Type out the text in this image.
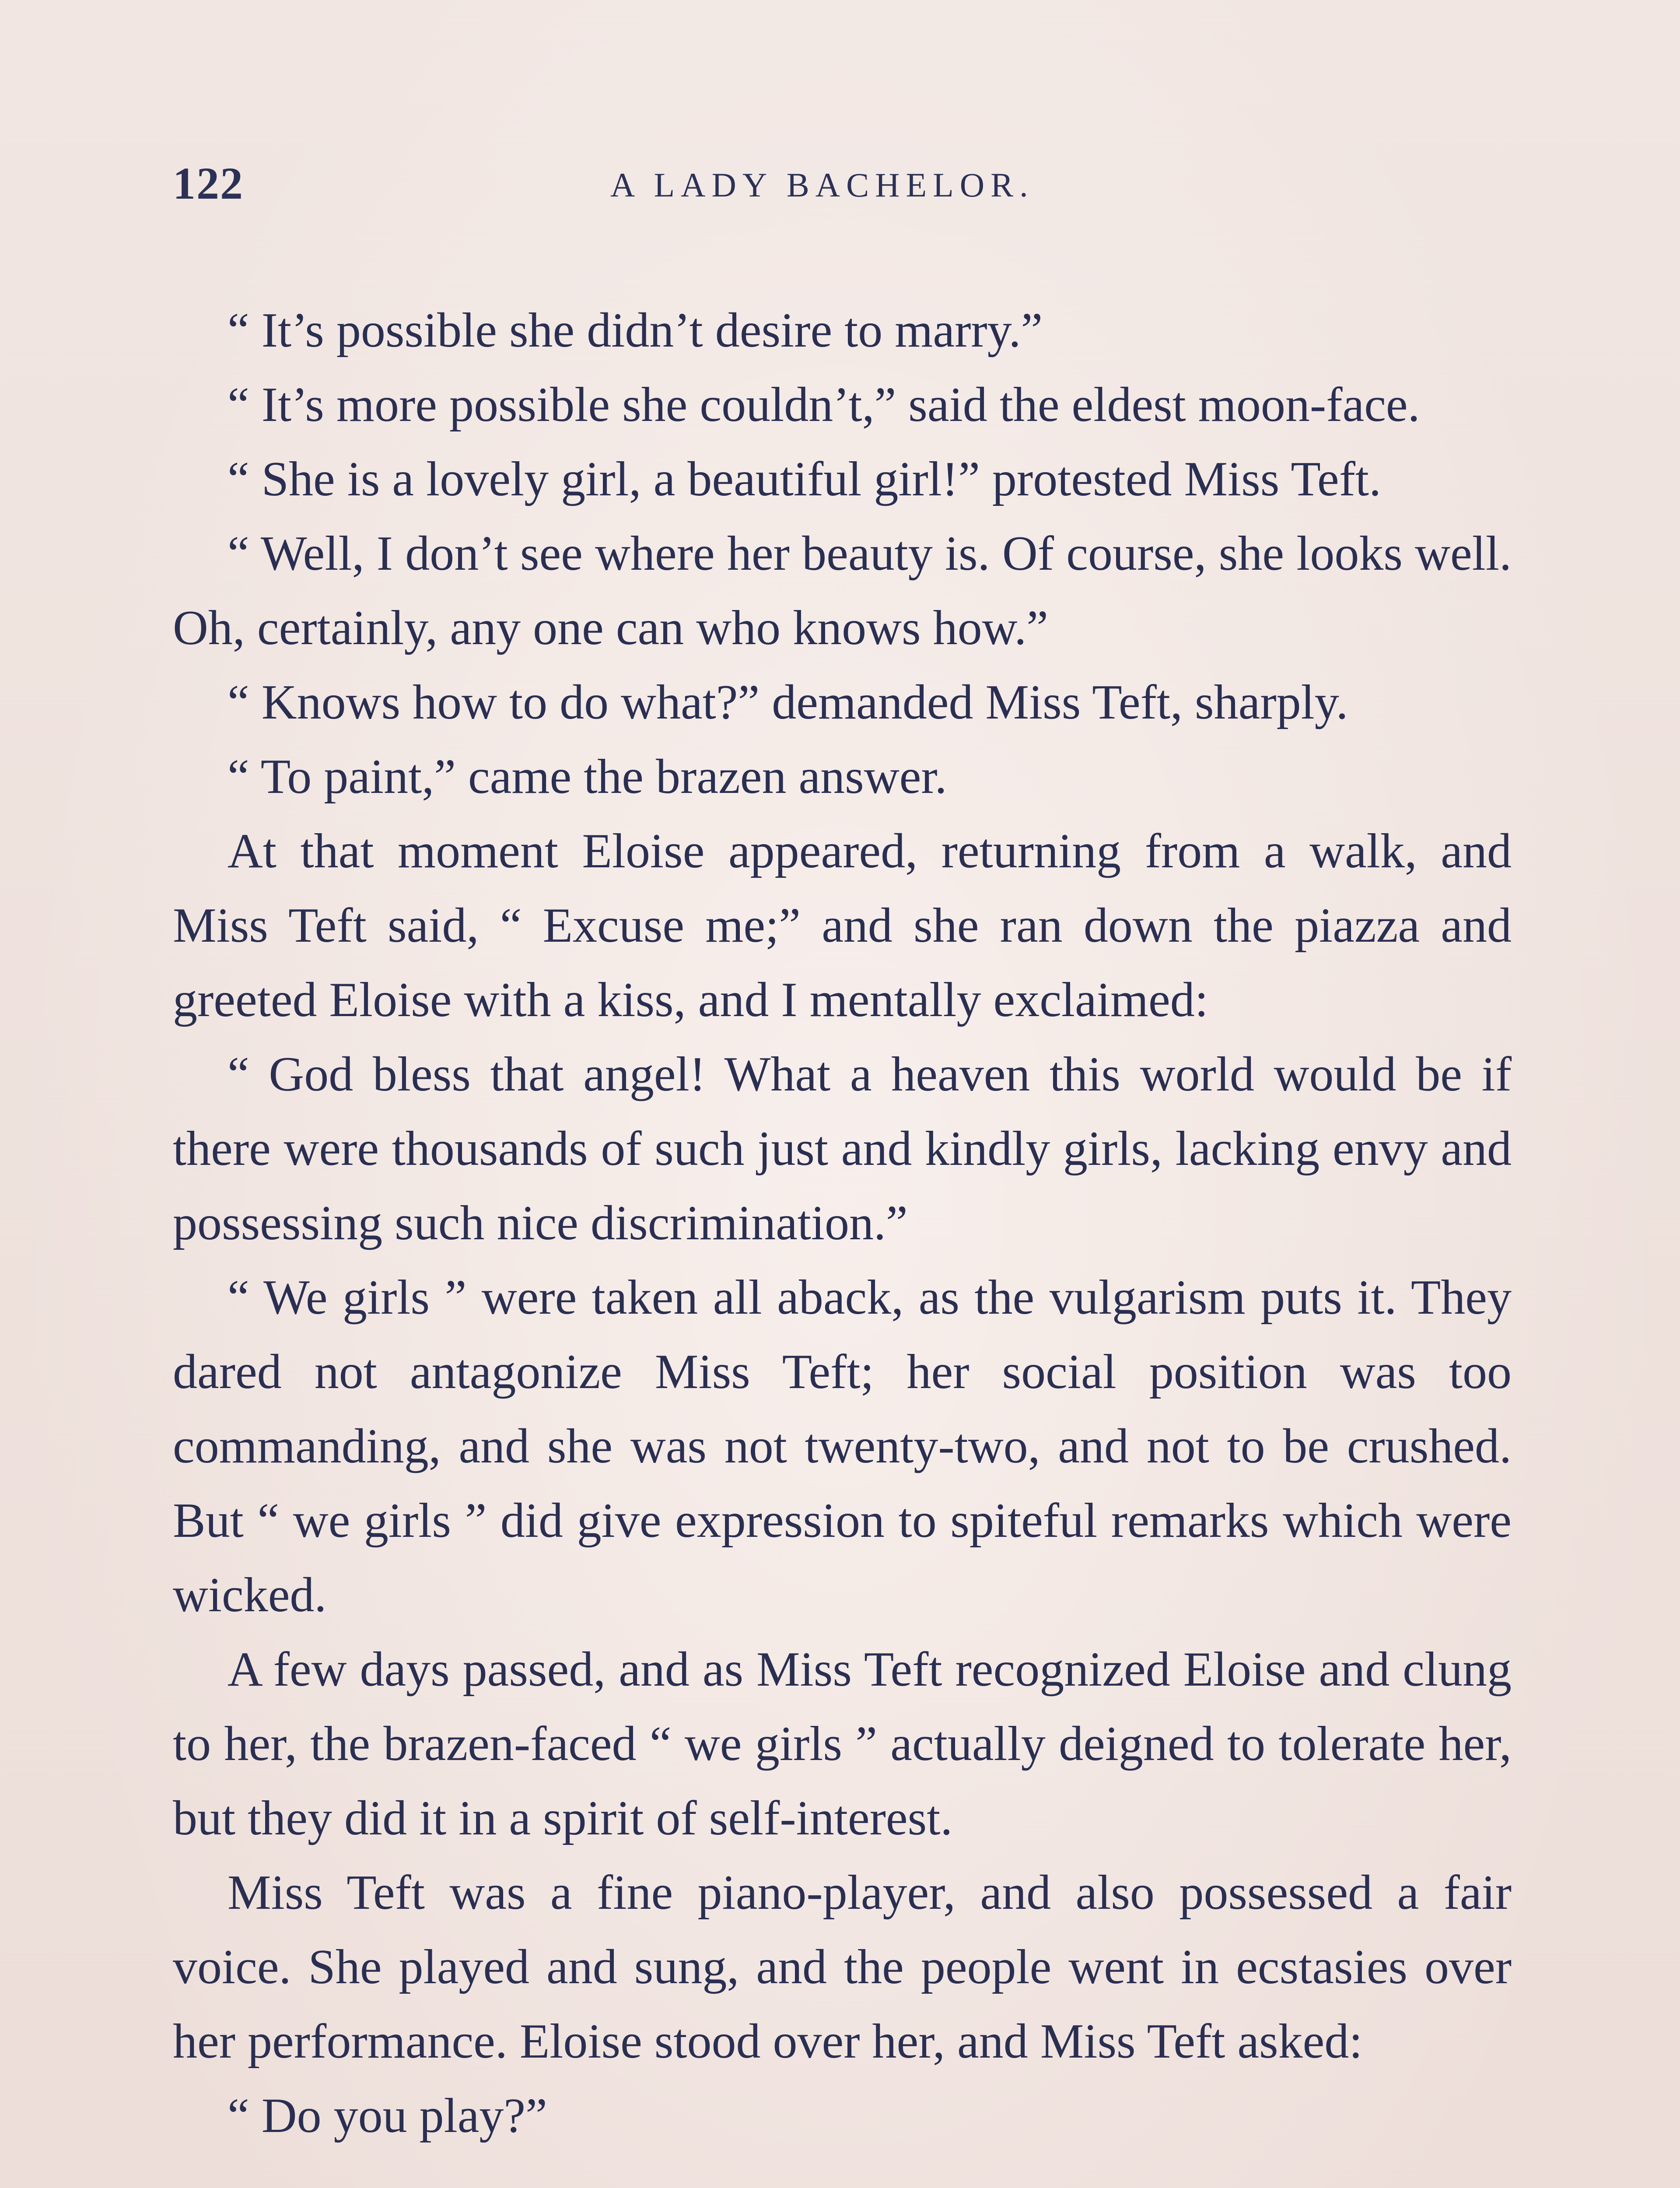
122	A LADY BACHELOR.

“ It’s possible she didn’t desire to marry.”

“ It’s more possible she couldn’t,” said the eldest moon-face.

“ She is a lovely girl, a beautiful girl!” protested Miss Teft.

“ Well, I don’t see where her beauty is. Of course, she looks well. Oh, certainly, any one can who knows how.”

“ Knows how to do what?” demanded Miss Teft, sharply.

“ To paint,” came the brazen answer.

At that moment Eloise appeared, returning from a walk, and Miss Teft said, “ Excuse me;” and she ran down the piazza and greeted Eloise with a kiss, and I mentally exclaimed:

“ God bless that angel! What a heaven this world would be if there were thousands of such just and kindly girls, lacking envy and possessing such nice discrimination.”

“ We girls ” were taken all aback, as the vulgarism puts it. They dared not antagonize Miss Teft; her social position was too commanding, and she was not twenty-two, and not to be crushed. But “ we girls ” did give expression to spiteful remarks which were wicked.

A few days passed, and as Miss Teft recognized Eloise and clung to her, the brazen-faced “ we girls ” actually deigned to tolerate her, but they did it in a spirit of self-interest.

Miss Teft was a fine piano-player, and also possessed a fair voice. She played and sung, and the people went in ecstasies over her performance. Eloise stood over her, and Miss Teft asked:

“ Do you play?”
